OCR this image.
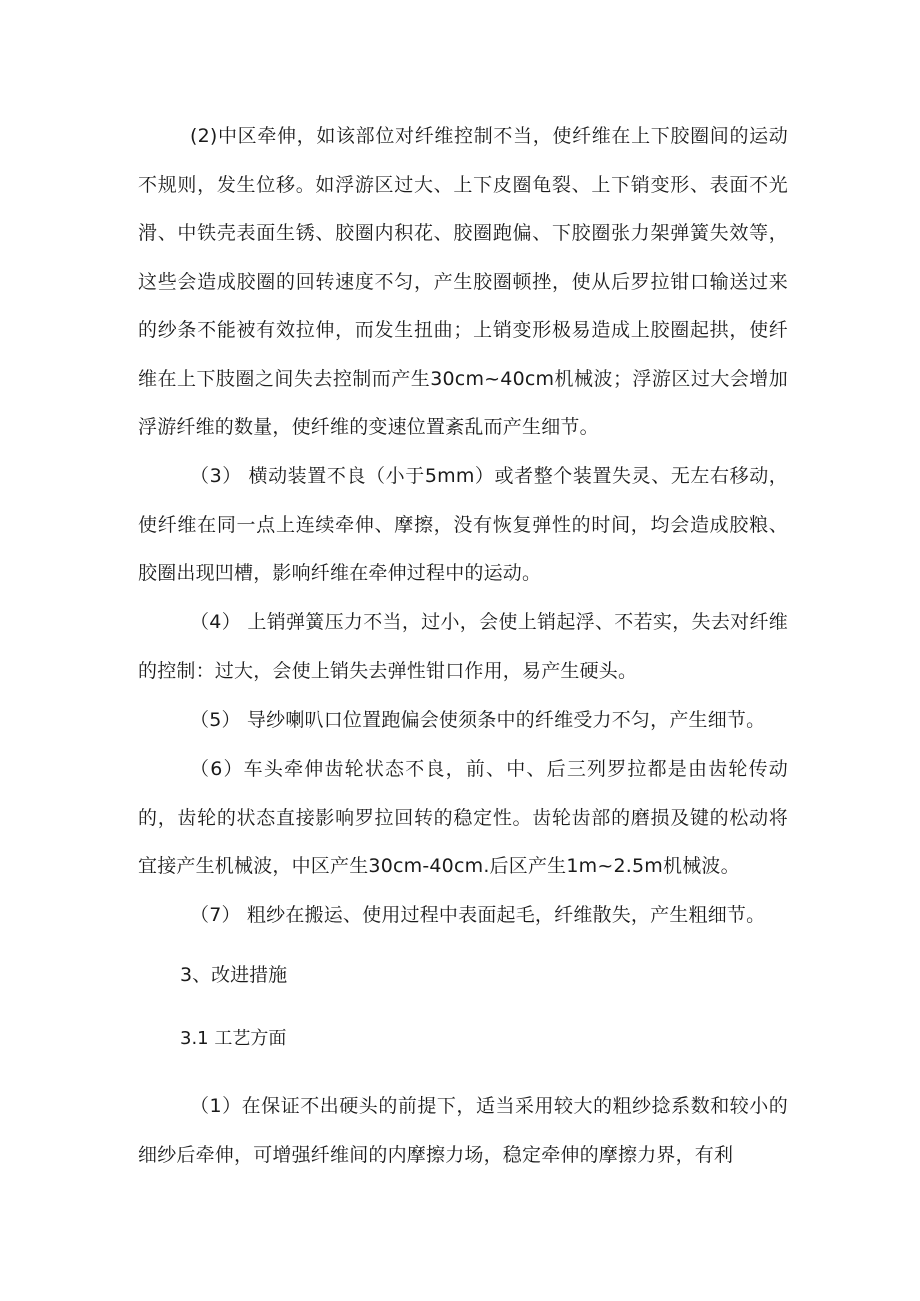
(2)中区牵伸，如该部位对纤维控制不当，使纤维在上下胶圈间的运动不规则，发生位移。如浮游区过大、上下皮圈龟裂、上下销变形、表面不光滑、中铁壳表面生锈、胶圈内积花、胶圈跑偏、下胶圈张力架弹簧失效等，这些会造成胶圈的回转速度不匀，产生胶圈顿挫，使从后罗拉钳口输送过来的纱条不能被有效拉伸，而发生扭曲；上销变形极易造成上胶圈起拱，使纤维在上下肢圈之间失去控制而产生30cm~40cm机械波；浮游区过大会增加浮游纤维的数量，使纤维的变速位置紊乱而产生细节。

（3） 横动装置不良（小于5mm）或者整个装置失灵、无左右移动，使纤维在同一点上连续牵伸、摩擦，没有恢复弹性的时间，均会造成胶粮、胶圈出现凹槽，影响纤维在牵伸过程中的运动。

（4） 上销弹簧压力不当，过小，会使上销起浮、不若实，失去对纤维的控制：过大，会使上销失去弹性钳口作用，易产生硬头。

（5） 导纱喇叭口位置跑偏会使须条中的纤维受力不匀，产生细节。

（6）车头牵伸齿轮状态不良，前、中、后三列罗拉都是由齿轮传动的，齿轮的状态直接影响罗拉回转的稳定性。齿轮齿部的磨损及键的松动将宜接产生机械波，中区产生30cm-40cm.后区产生1m~2.5m机械波。

（7） 粗纱在搬运、使用过程中表面起毛，纤维散失，产生粗细节。

3、改进措施
3.1 工艺方面

（1）在保证不出硬头的前提下，适当采用较大的粗纱捻系数和较小的细纱后牵伸，可增强纤维间的内摩擦力场，稳定牵伸的摩擦力界，有利
